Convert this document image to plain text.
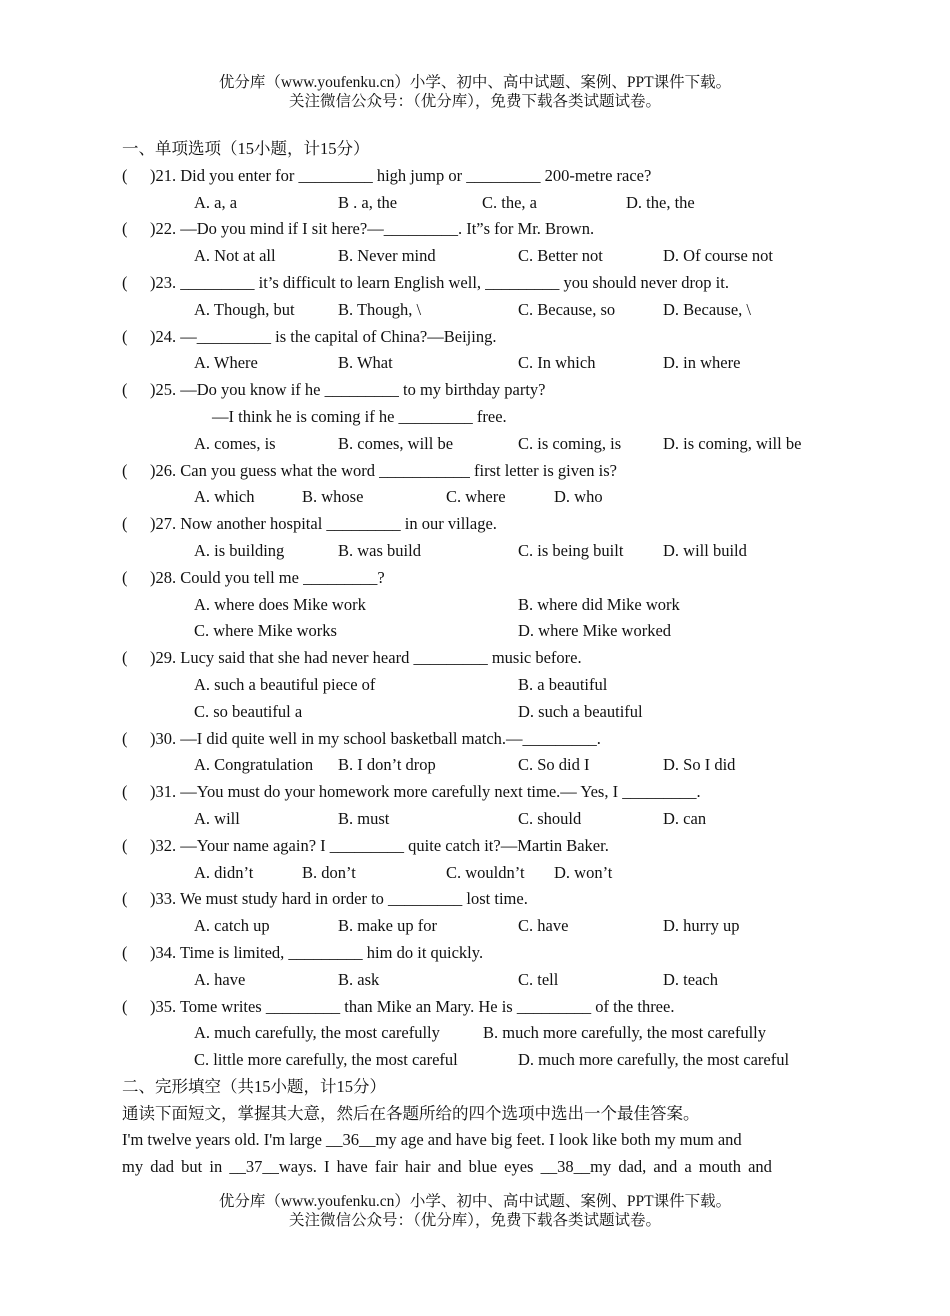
优分库（www.youfenku.cn）小学、初中、高中试题、案例、PPT课件下载。
关注微信公众号：（优分库），免费下载各类试题试卷。
一、单项选项（15小题，计15分）
( )21. Did you enter for _________ high jump or _________ 200-metre race?
A. a, a	B . a, the	C. the, a	D. the, the
( )22. —Do you mind if I sit here?—_________. It”s for Mr. Brown.
A. Not at all	B. Never mind	C. Better not	D. Of course not
( )23. _________ it’s difficult to learn English well, _________ you should never drop it.
A. Though, but	B. Though, \	C. Because, so	D. Because, \
( )24. —_________ is the capital of China?—Beijing.
A. Where	B. What	C. In which	D. in where
( )25. —Do you know if he _________ to my birthday party?
—I think he is coming if he _________ free.
A. comes, is	B. comes, will be	C. is coming, is	D. is coming, will be
( )26. Can you guess what the word ___________ first letter is given is?
A. which	B. whose	C. where	D. who
( )27. Now another hospital _________ in our village.
A. is building	B. was build	C. is being built D. will build
( )28. Could you tell me _________?
A. where does Mike work	B. where did Mike work
C. where Mike works	D. where Mike worked
( )29. Lucy said that she had never heard _________ music before.
A. such a beautiful piece of	B. a beautiful
C. so beautiful a	D. such a beautiful
( )30. —I did quite well in my school basketball match.—_________.
A. Congratulation B. I don’t drop	C. So did I	D. So I did
( )31. —You must do your homework more carefully next time.— Yes, I _________.
A. will	B. must	C. should	D. can
( )32. —Your name again? I _________ quite catch it?—Martin Baker.
A. didn’t	B. don’t	C. wouldn’t D. won’t
( )33. We must study hard in order to _________ lost time.
A. catch up	B. make up for	C. have	D. hurry up
( )34. Time is limited, _________ him do it quickly.
A. have	B. ask	C. tell	D. teach
( )35. Tome writes _________ than Mike an Mary. He is _________ of the three.
A. much carefully, the most carefully	B. much more carefully, the most carefully
C. little more carefully, the most careful	D. much more carefully, the most careful
二、完形填空（共15小题，计15分）
通读下面短文，掌握其大意，然后在各题所给的四个选项中选出一个最佳答案。
I'm twelve years old. I'm large __36__my age and have big feet. I look like both my mum and
my dad but in __37__ways. I have fair hair and blue eyes __38__my dad, and a mouth and
优分库（www.youfenku.cn）小学、初中、高中试题、案例、PPT课件下载。
关注微信公众号：（优分库），免费下载各类试题试卷。
